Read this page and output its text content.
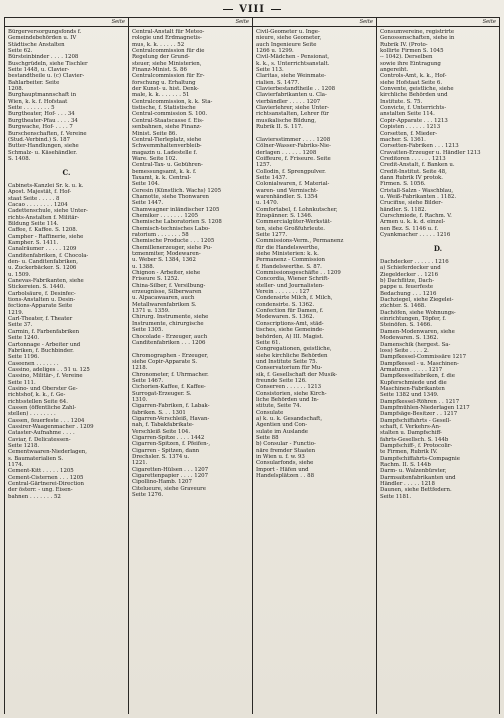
VIII
Seite
Bürgerversorgungsfonds f.
Gemeindebehörden u. IV
Städtische Anstalten
Seite 62.
Bürsteinbinder . . . . 1208
Buschgrüdeln, siehe Tischler
Seite 1448, u. Clavier-
bestandtheile u. (c) Clavier-
Bahlarbeiter. Seite
1208.
Burghauptmannschaft in
Wien, k. k. f. Hofstaat
Seite . . . . . . . . 5
Burgtheater, Hof- . . . 34
Burgtheater-Pfau . . . . 34
Burgwache, Hof- . . . . 7
Burschenschaften, f. Vereine
(Stud.-Verbind.) S. 187
Butter-Handlungen, siehe
Schmalz- u. Käsehändler.
S. 1408.

C.

Cabinets-Kanzlei Sr. k. u. k.
Apost. Majestät, f. Hof-
staat Seite . . . . . 8
Cacao . . . . . . . . 1204
Cadettenschule, siehe Unter-
richts-Anstalten f. Militär-
Bildung Seite 114.
Caffee, f. Kaffee. S. 1208.
Campher - Raffinerie, siehe
Kampher. S. 1411.
Canalräumer . . . . . 1209
Canditenfabriken, f. Chocola-
den- u. Canditenfabriken,
u. Zuckerbäcker. S. 1206
u. 1509.
Canevas-Fabrikanten, siehe
Stickereien. S. 1440.
Carbolsäure, f. Desinfec-
tions-Anstalten u. Desin-
fections-Apparate Seite
1219.
Carl-Theater, f. Theater
Seite 37.
Carmin, f. Farbenfabriken
Seite 1240.
Cartonnage - Arbeiter und
Fabriken, f. Buchbinder.
Seite 1196.
Caseenen . . . . . . .
Cassino, adeliges . . 51 u. 125
Cassino, Militär-, f. Vereine
Seite 111.
Casino- und Oberster Ge-
richtshof, k. k., f. Ge-
richtsstellen Seite 64.
Cassen (öffentliche Zahl-
stellen) . . . . . . . .
Cassen, feuerfeste . . . 1204
Cassirer-Waagenmacher . 1209
Cataster-Aufnahme . . . .
Caviar, f. Delicatessen-
Seite 1218.
Cementwaaren-Niederlagen,
s. Baumaterialien S.
1174.
Cement-Kitt . . . . . 1205
Cement-Cisternen . . . 1205
Central-Gärtnerei-Direction
der österr. - ung. Eisen-
bahnen . . . . . . . 52
Seite
Central-Anstalt für Meteo-
rologie und Erdmagnetis-
mus, k. k. . . . . . 52
Centralcommission für die
Regelung der Grund-
steuer, siehe Ministerien,
Finanz-Minist. S. 86
Centralcommission für Er-
forschung u. Erhaltung
der Kunst- u. hist. Denk-
male, k. k. . . . . . . 51
Centralcommission, k. k. Sta-
tistische, f. Statistische
Central-commission S. 100.
Central-Staatscasse f. Eis-
senbahnen, siehe Finanz-
Minist. Seite 86.
Central-Tierleplatz, siehe
Schwemmhaltenverbleib-
magazin u. Ladestelle f.
Ware. Seite 102.
Central-Tax- u. Gebühren-
bemessungsamt, k. k. f.
Taxamt, k. k. Central-
Seite 104.
Ceresin (Künstlich. Wachs) 1205
Chamotte, siehe Thonwaren
Seite 1447.
Chamwagner inländischer 1205
Chemiker . . . . . . . 1205
Chemische Laboratorien S. 1208
Chemisch-technisches Labo-
ratorium . . . . . . . 58
Chemische Producte . . . 1205
Chemillenerzeuger, siehe Pu-
tzmenmiter, Modewaren-
u. Weber S. 1384, 1362
u. 1388.
Chignon - Arbeiter, siehe
Friseure S. 1252.
China-Silber, f. Versilbung-
erzeugnisse, Silberwaren
u. Alpacawaaren, auch
Metallwarenfabriken S.
1371 u. 1359.
Chirurg. Instrumente, siehe
Instrumente, chirurgische
Seite 1305.
Chocolade - Erzeuger, auch
Canditenfabriken . . . 1206

Chromographen - Erzeuger,
siehe Copir-Apparate S.
1218.
Chronometer, f. Uhrmacher.
Seite 1467.
Cichorien-Kaffee, f. Kaffee-
Surrogat-Erzeuger. S.
1310.
Cigarren-Fabriken, f. Labak-
fabriken. S. . . 1301
Cigarren-Verschleiß, Havan-
nah, f. Tabakfabrikate-
Verschleiß Seite 104.
Cigarren-Spitze . . . . 1442
Cigarren-Spitzen, f. Pfeifen-,
Cigarren - Spitzen, dann
Drechsler. S. 1374 u.
1221.
Cigaretten-Hülsen . . . 1207
Cigarettenpapier . . . . 1207
Cipollino-Hamb. 1207
Citelueure, siehe Graveure
Seite 1276.
Seite
Civil-Geometer u. Inge-
nieure, siehe Geometer,
auch Ingenieure Seite
1266 u. 1299.
Civil-Mädchen - Pensionat,
k. k., s. Unterrichtsanstalt.
Seite 113.
Claritas, siehe Weinmate-
rialien. S. 1477.
Clavierbestandtheile . . 1208
Clavierfabrikanten u. Cla-
vierbändler . . . . . 1207
Clavierlehrer, siehe Unter-
richtsanstalten, Lehrer für
musikalische Bildung,
Rubrik II. S. 117.

Claviersstimmer . . . . 1208
Cölner-Wasser-Fabriks-Nie-
derlagen . . . . . . 1208
Coiffeure, f. Friseure. Seite
1257.
Collodin, f. Sprengpulver.
Seite 1437.
Colonialwaren, f. Material-
waren- und Vermischt-
warenhändler. S. 1354
u. 1470.
Comfortabel, f. Lohnkutscher,
Einspänner. S. 1346.
Commercialgüter-Werkstät-
ten, siehe Großfuhrleute.
Seite 1277.
Commissions-Verm., Permanenz
für die Handelswerthe,
siehe Ministerien: k. k.
Permanenz - Commission
f. Handelswerthe. S. 87.
Commissionsgeschäfte . . 1209
Concordia, Wiener Schrift-
steller- und Journalisten-
Verein . . . . . . . 127
Condensirte Milch, f. Milch,
condensirte. S. 1362.
Confection für Damen, f.
Modewaren. S. 1362.
Conscriptions-Amt, städ-
tisches, siehe Gemeinde-
behörden, A) III. Magist.
Seite 61.
Congregationen, geistliche,
siehe kirchliche Behörden
und Institute Seite 75.
Conservatorium für Mu-
sik, f. Gesellschaft der Musik-
freunde Seite 126.
Conserven . . . . . . 1213
Consistorien, siehe Kirch-
liche Behörden und In-
stitute, Seite 74.
Consulate
a) k. u. k. Gesandschaft,
Agentien und Con-
sulate im Auslande
Seite 88
b) Consular - Functio-
näre fremder Staaten
in Wien u. f. w. 93
Consularfonds, siehe
Import - Häfen und
Handelsplätzen . . 88
Seite
Consumvereine, registrirte
Genossenschaften, siehe in
Rubrik IV. (Proto-
kollirte Firmen S. 1045
-- 1042). Derselben
sowie ihre Eintragung
angereiht.
Controls-Amt, k. k., Hof-
siehe Hofstaat Seite 6.
Convente, geistliche, siehe
kirchliche Behörden und
Institute. S. 75.
Convicte, f. Unterrichts-
anstalten Seite 114.
Copir-Apparate . . . 1213
Copisten . . . . . . 1213
Corsetten, f. Mieder-
macher. S. 1361.
Corsetten-Fabriken . . . 1213
Cravatten-Erzeuger u. Händler 1213
Creditoren . . . . . . 1213
Credit-Anstalt, f. Banken u.
Credit-Institut. Seite 48,
dann Rubrik IV protok.
Firmen. S. 1056.
Cristall-Salzn - Waschblau,
u. Weiß-Fabrikanten . 1182.
Crucifixe, siehe Bilder-
händler. S. 1182.
Curschmiede, f. Rachm. V.
Armen u. k. k. d. einzel-
nen Bez. S. 1146 u. f.
Cyankmacher . . . . . 1216

D.

Dachdecker . . . . . . 1216
a) Schieferdecker und
Ziegeldecker . . 1216
b) Dachflitze, Dach-
pappe u. feuerfeste
Bedachung . . . 1216
Dachziegel, siehe Ziegelei-
züchter. S. 1468.
Dachöfen, siehe Wohnungs-
einrichtungen, Töpfer, f.
Steinöfen. S. 1466.
Damen-Modenwaren, siehe
Modewaren. S. 1362.
Damenschik (hergest. Sa-
loss) Seite . . . . 2.
Dampfkessel-Commissäre 1217
Dampfkessel - u. Maschinen-
Armaturen . . . . . 1217
Dampfkesselfabriken, f. die
Kupferschmiede und die
Maschinen-Fabrikanten
Seite 1382 und 1349.
Dampfkessel-Röhren . . 1217
Dampfmühlen-Niederlagen 1217
Dampfsäge-Besitzer . . 1217
Dampfschiffahrts - Gesell-
schaft, f. Verkehrs-An-
stalten u. Dampfschiff-
fahrts-Gesellsch. S. 144b
Dampfschiff-, f. Protocolir-
te Firmen, Rubrik IV.
Dampfschiffahrts-Compagnie
Rachm. II. S. 144b
Darm- u. Walzenbürster,
Darmsaitenfabrikanten und
Händler . . . . . 1218
Daunen, siehe Bettfedern.
Seite 1181.
